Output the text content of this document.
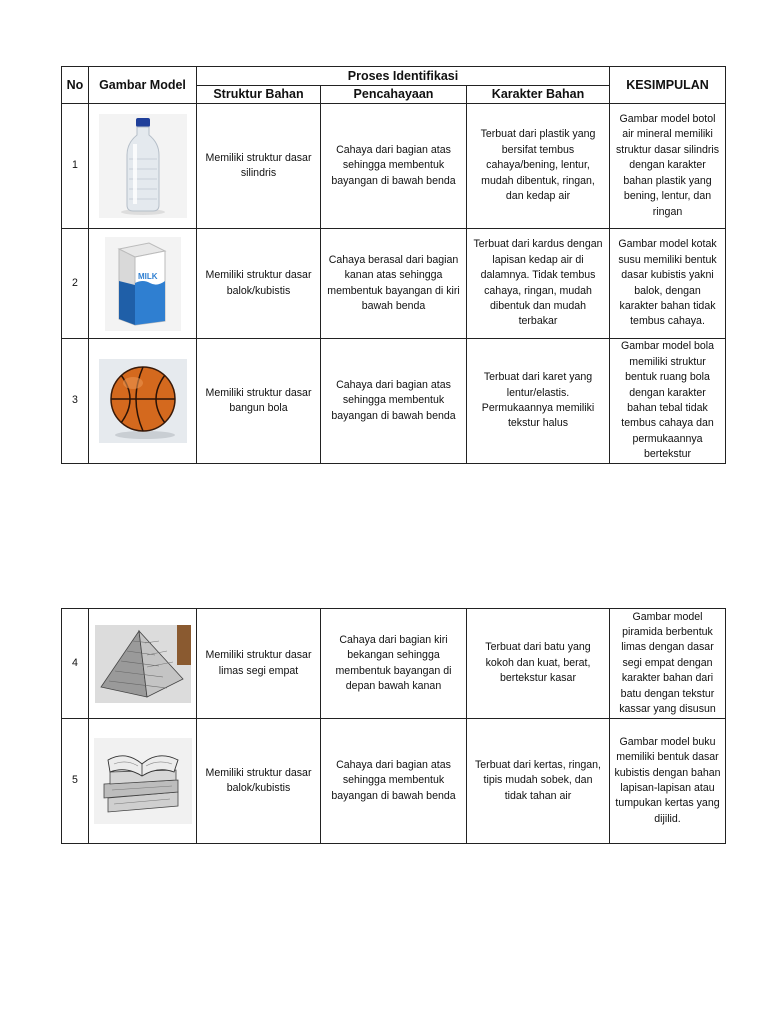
No	Gambar Model	Proses Identifikasi			KESIMPULAN
		Struktur Bahan	Pencahayaan	Karakter Bahan	
1		Memiliki struktur dasar silindris	Cahaya dari bagian atas sehingga membentuk bayangan di bawah benda	Terbuat dari plastik yang bersifat tembus cahaya/bening, lentur, mudah dibentuk, ringan, dan kedap air	Gambar model botol air mineral memiliki struktur dasar silindris dengan karakter bahan plastik yang bening, lentur, dan ringan
2	MILK	Memiliki struktur dasar balok/kubistis	Cahaya berasal dari bagian kanan atas sehingga membentuk bayangan di kiri bawah benda	Terbuat dari kardus dengan lapisan kedap air di dalamnya. Tidak tembus cahaya, ringan, mudah dibentuk dan mudah terbakar	Gambar model kotak susu memiliki bentuk dasar kubistis yakni balok, dengan karakter bahan tidak tembus cahaya.
3		Memiliki struktur dasar bangun bola	Cahaya dari bagian atas sehingga membentuk bayangan di bawah benda	Terbuat dari karet yang lentur/elastis. Permukaannya memiliki tekstur halus	Gambar model bola memiliki struktur bentuk ruang bola dengan karakter bahan tebal tidak tembus cahaya dan permukaannya bertekstur
4		Memiliki struktur dasar limas segi empat	Cahaya dari bagian kiri bekangan sehingga membentuk bayangan di depan bawah kanan	Terbuat dari batu yang kokoh dan kuat, berat, bertekstur kasar	Gambar model piramida berbentuk limas dengan dasar segi empat dengan karakter bahan dari batu dengan tekstur kassar yang disusun
5		Memiliki struktur dasar balok/kubistis	Cahaya dari bagian atas sehingga membentuk bayangan di bawah benda	Terbuat dari kertas, ringan, tipis mudah sobek, dan tidak tahan air	Gambar model buku memiliki bentuk dasar kubistis dengan bahan lapisan-lapisan atau tumpukan kertas yang dijilid.
